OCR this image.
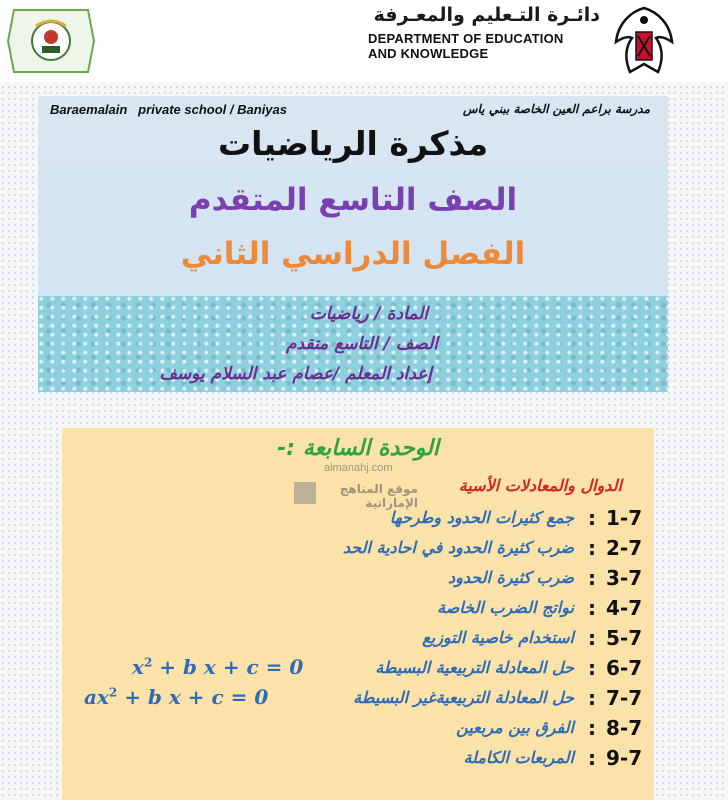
دائـرة التـعليم والمعـرفة
DEPARTMENT OF EDUCATION
AND KNOWLEDGE
Baraemalain   private school / Baniyas	مدرسة براعم العين الخاصة ببني ياس
مذكرة الرياضيات
الصف التاسع المتقدم
الفصل الدراسي الثاني
المادة / رياضيات
الصف / التاسع متقدم
إعداد المعلم /عصام عبد السلام يوسف
الوحدة السابعة :-
almanahj.com
موقع المناهج الإماراتية
الدوال والمعادلات الأسية
1-7
:
جمع كثيرات الحدود وطرحها
2-7
:
ضرب كثيرة الحدود في احادية الحد
3-7
:
ضرب كثيرة الحدود
4-7
:
نواتج الضرب الخاصة
5-7
:
استخدام خاصية التوزيع
6-7
:
حل المعادلة التربيعية البسيطة
$x^2 + b$ x + c = 0
7-7
:
حل المعادلة التربيعيةغير البسيطة
$ax^2 + b$ x + c = 0
8-7
:
الفرق بين مربعين
9-7
:
المربعات الكاملة
